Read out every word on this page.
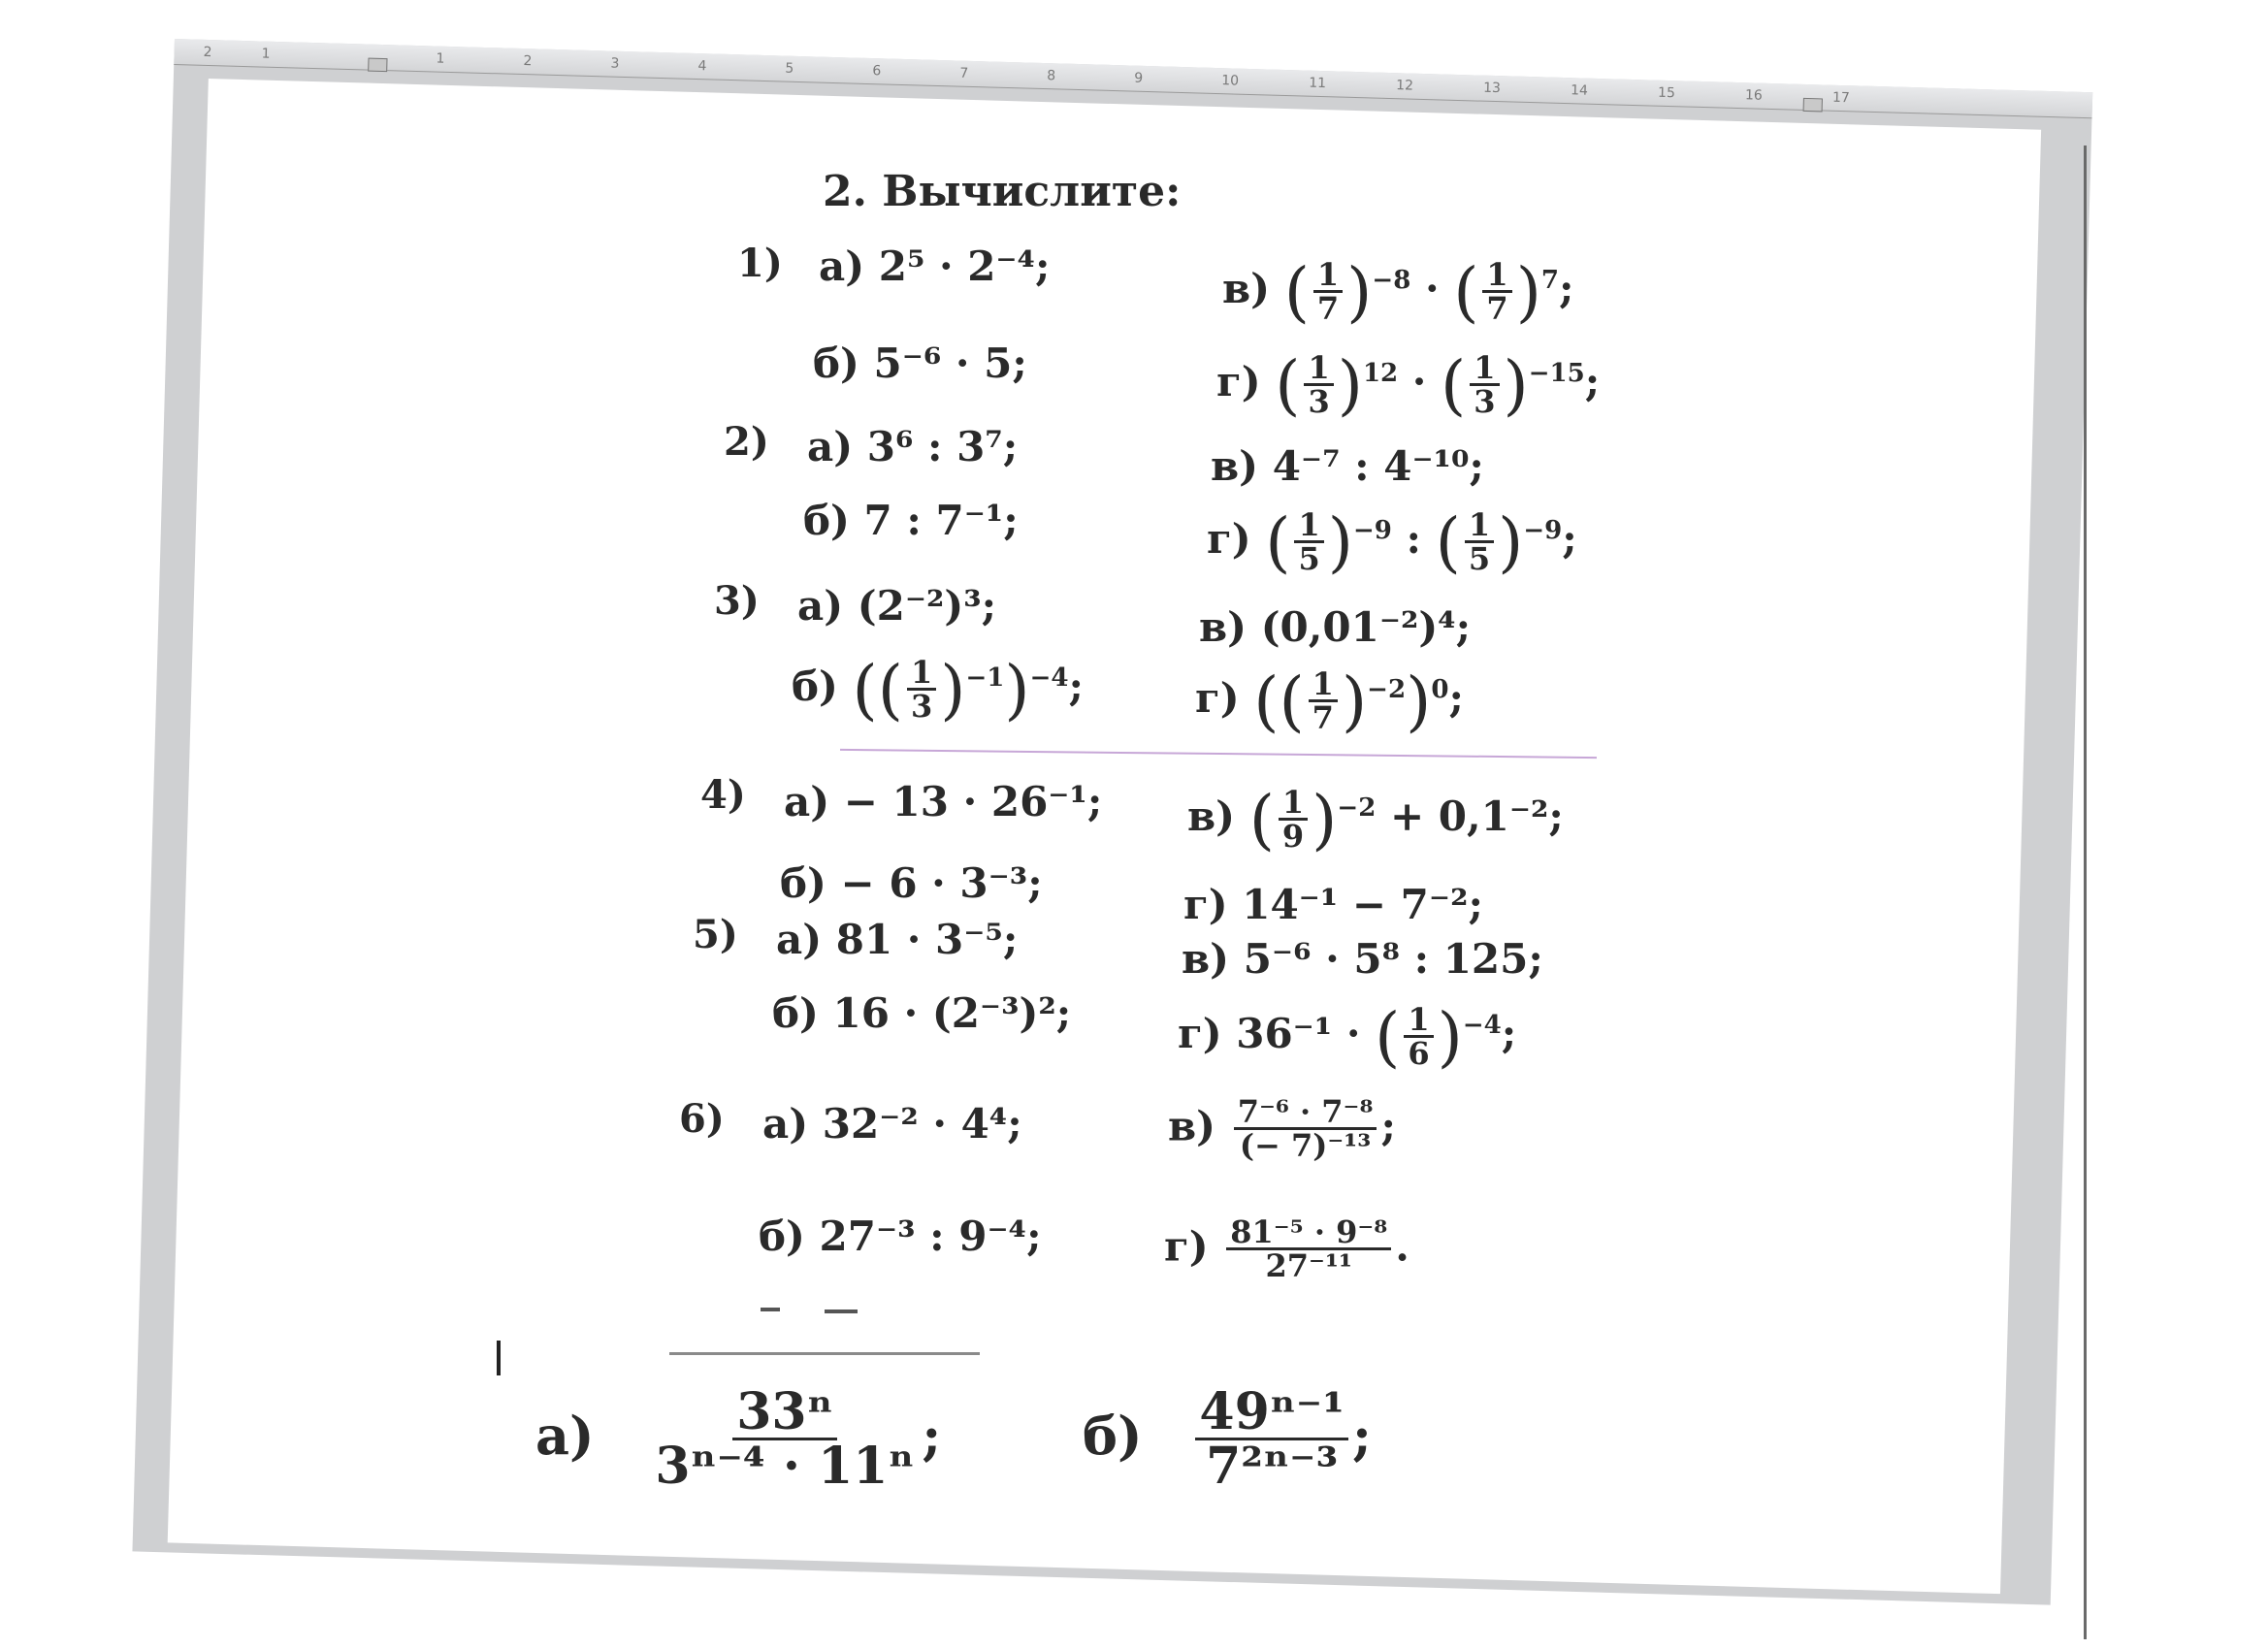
2	1	1	2	3	4	5	6	7	8	9	10	11	12	13	14	15	16	17
2. Вычислите:
1) а) 2⁵ · 2⁻⁴;	в) ( $\frac{1}{7} )^{-8}$ · ( $\frac{1}{7} )^7$;
б) 5⁻⁶ · 5;	г) ( $\frac{1}{3} )^{12}$ · ( $\frac{1}{3} )^{-15}$;
2) а) 3⁶ : 3⁷;	в) 4⁻⁷ : 4⁻¹⁰;
б) 7 : 7⁻¹;	г) ( $\frac{1}{5} )^{-9}$ : ( $\frac{1}{5} )^{-9}$;
3) а) (2⁻²)³;	в) (0,01⁻²)⁴;
б) (( $\frac{1}{3} )^{-1})^{-4}$;	г) (( $\frac{1}{7} )^{-2})^0$;
4) а) − 13 · 26⁻¹; в) ( $\frac{1}{9} )^{-2} + 0,1^{-2}$;
б) − 6 · 3⁻³;	г) 14⁻¹ − 7⁻²;
5) а) 81 · 3⁻⁵;	в) 5⁻⁶ · 5⁸ : 125;
б) 16 · (2⁻³)²;	г) 36⁻¹ · ( $\frac{1}{6} )^{-4}$;
6) а) 32⁻² · 4⁴;	$в) \frac{\text{7⁻⁶ · 7⁻⁸}}{\text{(− 7)⁻¹³}}$ ;
б) 27⁻³ : 9⁻⁴;	$г) \frac{\text{81⁻⁵ · 9⁻⁸}}{\text{27⁻¹¹}}$ .
$а) \frac{\text{33ⁿ}}{\text{3ⁿ⁻⁴ · 11ⁿ}}$ ;	$б) \frac{\text{49ⁿ⁻¹}}{\text{7²ⁿ⁻³}}$ ;
